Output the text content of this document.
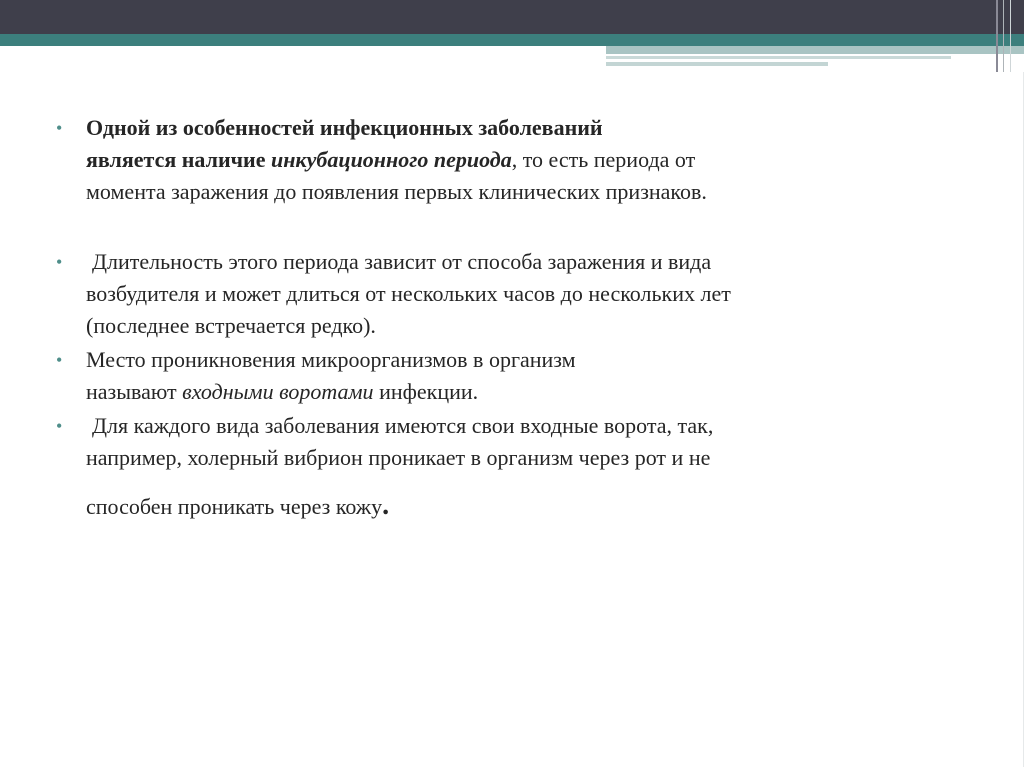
•	Одной из особенностей инфекционных заболеваний
является наличие инкубационного периода, то есть периода от
момента заражения до появления первых клинических признаков.
•	Длительность этого периода зависит от способа заражения и вида
возбудителя и может длиться от нескольких часов до нескольких лет
(последнее встречается редко).
•	Место проникновения микроорганизмов в организм
называют входными воротами инфекции.
•	Для каждого вида заболевания имеются свои входные ворота, так,
например, холерный вибрион проникает в организм через рот и не
способен проникать через кожу.
